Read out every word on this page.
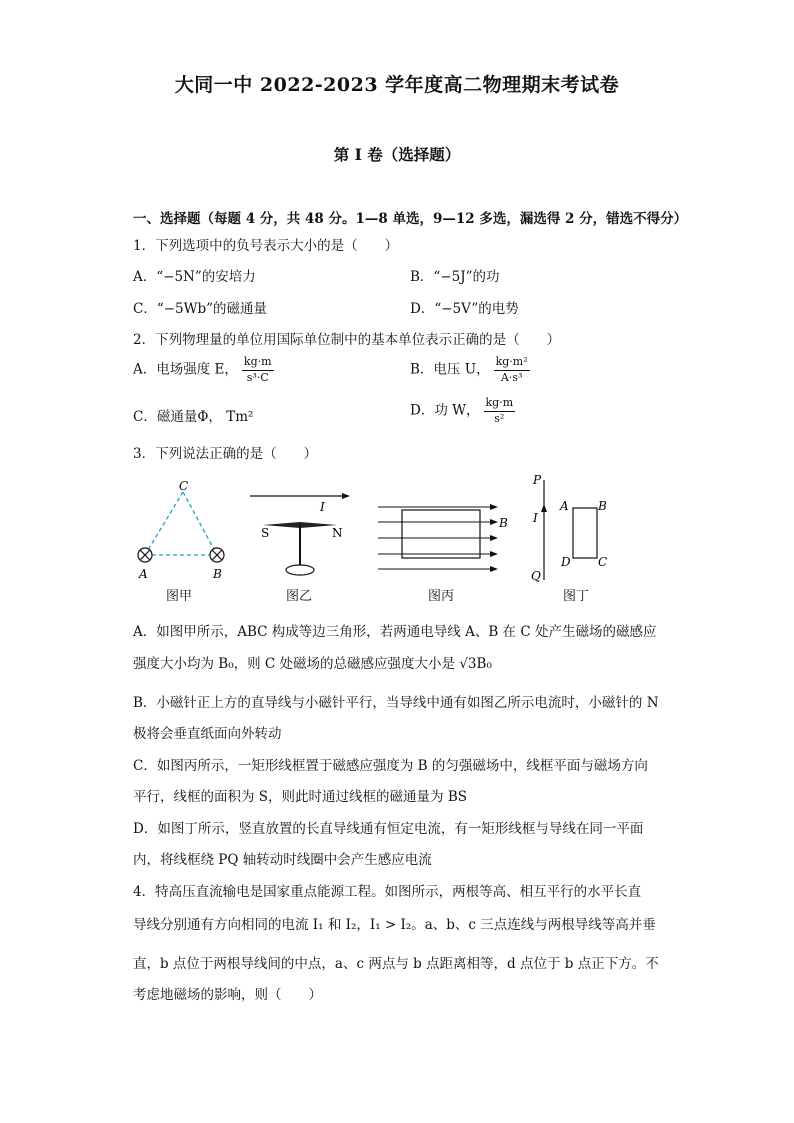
大同一中 2022-2023 学年度高二物理期末考试卷
第 I 卷（选择题）
一、选择题（每题 4 分，共 48 分。1—8 单选，9—12 多选，漏选得 2 分，错选不得分）
1．下列选项中的负号表示大小的是（　　）
A．“−5N”的安培力	B．“−5J”的功
C．“−5Wb”的磁通量	D．“−5V”的电势
2．下列物理量的单位用国际单位制中的基本单位表示正确的是（　　）
A．电场强度 E， $\frac{kg\cdot m}{\text{s³·C}}$	B．电压 U， $\frac{\text{kg·m²}}{\text{A·s³}}$
C．磁通量Φ， Tm²	D．功 W， $\frac{kg\cdot m}{\text{s²}}$
3．下列说法正确的是（　　）
C
A	B
I
S	N
B
P
I
Q
A B
D C
图甲	图乙	图丙	图丁
A．如图甲所示，ABC 构成等边三角形，若两通电导线 A、B 在 C 处产生磁场的磁感应
强度大小均为 B₀，则 C 处磁场的总磁感应强度大小是 √3B₀
B．小磁针正上方的直导线与小磁针平行，当导线中通有如图乙所示电流时，小磁针的 N
极将会垂直纸面向外转动
C．如图丙所示，一矩形线框置于磁感应强度为 B 的匀强磁场中，线框平面与磁场方向
平行，线框的面积为 S，则此时通过线框的磁通量为 BS
D．如图丁所示，竖直放置的长直导线通有恒定电流，有一矩形线框与导线在同一平面
内，将线框绕 PQ 轴转动时线圈中会产生感应电流
4．特高压直流输电是国家重点能源工程。如图所示，两根等高、相互平行的水平长直
导线分别通有方向相同的电流 I₁ 和 I₂，I₁ > I₂。a、b、c 三点连线与两根导线等高并垂
直，b 点位于两根导线间的中点，a、c 两点与 b 点距离相等，d 点位于 b 点正下方。不
考虑地磁场的影响，则（　　）
